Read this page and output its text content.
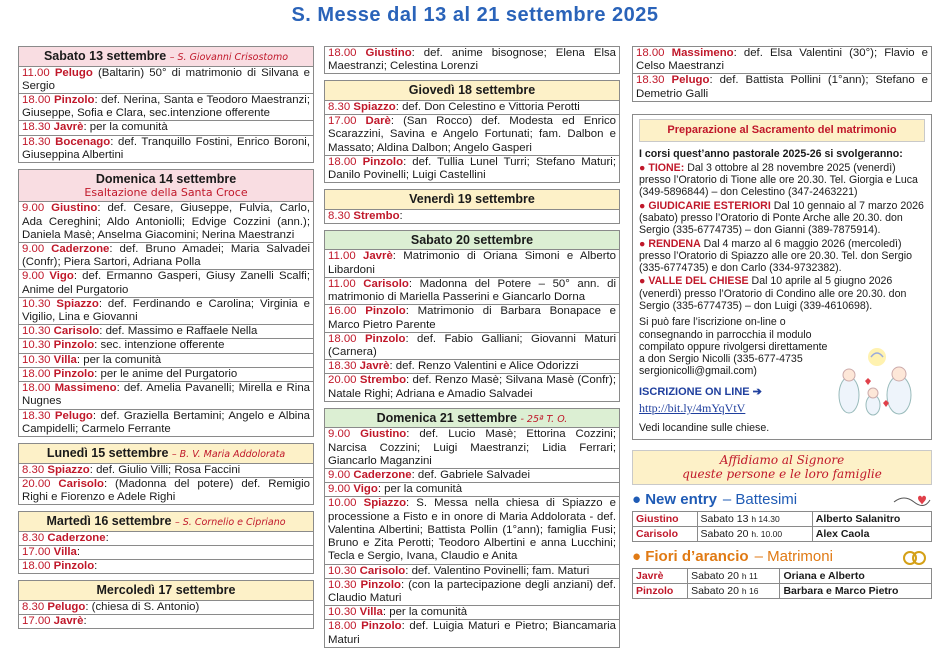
S. Messe dal 13 al 21 settembre 2025
Sabato 13 settembre – S. Giovanni Crisostomo
11.00 Pelugo (Baltarin) 50° di matrimonio di Silvana e Sergio
18.00 Pinzolo: def. Nerina, Santa e Teodoro Maestranzi; Giuseppe, Sofia e Clara, sec.intenzione offerente
18.30 Javrè: per la comunità
18.30 Bocenago: def. Tranquillo Fostini, Enrico Boroni, Giuseppina Albertini
Domenica 14 settembre
Esaltazione della Santa Croce
9.00 Giustino: def. Cesare, Giuseppe, Fulvia, Carlo, Ada Cereghini; Aldo Antoniolli; Edvige Cozzini (ann.); Daniela Masè; Anselma Giacomini; Nerina Maestranzi
9.00 Caderzone: def. Bruno Amadei; Maria Salvadei (Confr); Piera Sartori, Adriana Polla
9.00 Vigo: def. Ermanno Gasperi, Giusy Zanelli Scalfi; Anime del Purgatorio
10.30 Spiazzo: def. Ferdinando e Carolina; Virginia e Vigilio, Lina e Giovanni
10.30 Carisolo: def. Massimo e Raffaele Nella
10.30 Pinzolo: sec. intenzione offerente
10.30 Villa: per la comunità
18.00 Pinzolo: per le anime del Purgatorio
18.00 Massimeno: def. Amelia Pavanelli; Mirella e Rina Nugnes
18.30 Pelugo: def. Graziella Bertamini; Angelo e Albina Campidelli; Carmelo Ferrante
Lunedì 15 settembre – B. V. Maria Addolorata
8.30 Spiazzo: def. Giulio Villi; Rosa Faccini
20.00 Carisolo: (Madonna del potere) def. Remigio Righi e Fiorenzo e Adele Righi
Martedì 16 settembre – S. Cornelio e Cipriano
8.30 Caderzone:
17.00 Villa:
18.00 Pinzolo:
Mercoledì 17 settembre
8.30 Pelugo: (chiesa di S. Antonio)
17.00 Javrè:
18.00 Giustino: def. anime bisognose; Elena Elsa Maestranzi; Celestina Lorenzi
Giovedì 18 settembre
8.30 Spiazzo: def. Don Celestino e Vittoria Perotti
17.00 Darè: (San Rocco) def. Modesta ed Enrico Scarazzini, Savina e Angelo Fortunati; fam. Dalbon e Massato; Aldina Dalbon; Angelo Gasperi
18.00 Pinzolo: def. Tullia Lunel Turri; Stefano Maturi; Danilo Povinelli; Luigi Castellini
Venerdì 19 settembre
8.30 Strembo:
Sabato 20 settembre
11.00 Javrè: Matrimonio di Oriana Simoni e Alberto Libardoni
11.00 Carisolo: Madonna del Potere – 50° ann. di matrimonio di Mariella Passerini e Giancarlo Dorna
16.00 Pinzolo: Matrimonio di Barbara Bonapace e Marco Pietro Parente
18.00 Pinzolo: def. Fabio Galliani; Giovanni Maturi (Carnera)
18.30 Javrè: def. Renzo Valentini e Alice Odorizzi
20.00 Strembo: def. Renzo Masè; Silvana Masè (Confr); Natale Righi; Adriana e Amadio Salvadei
Domenica 21 settembre - 25ª T. O.
9.00 Giustino: def. Lucio Masè; Ettorina Cozzini; Narcisa Cozzini; Luigi Maestranzi; Lidia Ferrari; Giancarlo Maganzini
9.00 Caderzone: def. Gabriele Salvadei
9.00 Vigo: per la comunità
10.00 Spiazzo: S. Messa nella chiesa di Spiazzo e processione a Fisto e in onore di Maria Addolorata - def. Valentina Albertini; Battista Pollin (1°ann); famiglia Fusi; Bruno e Zita Perotti; Teodoro Albertini e anna Lucchini; Tecla e Sergio, Ivana, Claudio e Anita
10.30 Carisolo: def. Valentino Povinelli; fam. Maturi
10.30 Pinzolo: (con la partecipazione degli anziani) def. Claudio Maturi
10.30 Villa: per la comunità
18.00 Pinzolo: def. Luigia Maturi e Pietro; Biancamaria Maturi
18.00 Massimeno: def. Elsa Valentini (30°); Flavio e Celso Maestranzi
18.30 Pelugo: def. Battista Pollini (1°ann); Stefano e Demetrio Galli
Preparazione al Sacramento del matrimonio
I corsi quest’anno pastorale 2025-26 si svolgeranno:
● TIONE: Dal 3 ottobre al 28 novembre 2025 (venerdì) presso l’Oratorio di Tione alle ore 20.30. Tel. Giorgia e Luca (349-5896844) – don Celestino (347-2463221)
● GIUDICARIE ESTERIORI Dal 10 gennaio al 7 marzo 2026 (sabato) presso l’Oratorio di Ponte Arche alle 20.30. don Sergio (335-6774735) – don Gianni (389-7875914).
● RENDENA Dal 4 marzo al 6 maggio 2026 (mercoledì) presso l’Oratorio di Spiazzo alle ore 20.30. Tel. don Sergio (335-6774735) e don Carlo (334-9732382).
● VALLE DEL CHIESE Dal 10 aprile al 5 giugno 2026 (venerdì) presso l’Oratorio di Condino alle ore 20.30. don Sergio (335-6774735) – don Luigi (339-4610698).
Si può fare l’iscrizione on-line o consegnando in parrocchia il modulo compilato oppure rivolgersi direttamente a don Sergio Nicolli (335-677-4735 sergionicolli@gmail.com)
ISCRIZIONE ON LINE ➔
http://bit.ly/4mYqVtV
Vedi locandine sulle chiese.
Affidiamo al Signore
queste persone e le loro famiglie
● New entry – Battesimi
Giustino	Sabato 13 h 14.30	Alberto Salanitro
Carisolo	Sabato 20 h. 10.00	Alex Caola
● Fiori d’arancio – Matrimoni
Javrè	Sabato 20 h 11	Oriana e Alberto
Pinzolo	Sabato 20 h 16	Barbara e Marco Pietro
